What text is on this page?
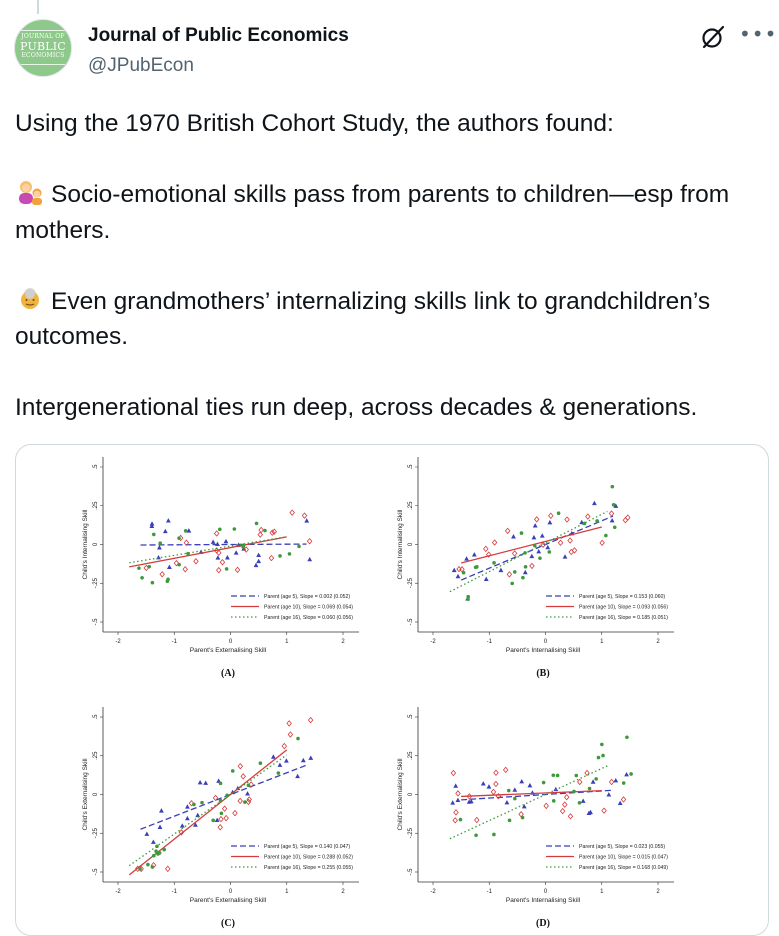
JOURNAL OF
PUBLIC
ECONOMICS
Journal of Public Economics
@JPubEcon
•••

Using the 1970 British Cohort Study, the authors found:

Socio-emotional skills pass from parents to children—esp from mothers.

Even grandmothers’ internalizing skills link to grandchildren’s outcomes.

Intergenerational ties run deep, across decades & generations.

-.5
-.25
0
.25
.5
-2	-1	0	1	2
Parent's Externalising Skill
Child's Internalising Skill
Parent (age 5), Slope = 0.002 (0.052)
Parent (age 10), Slope = 0.069 (0.054)
Parent (age 16), Slope = 0.060 (0.056)
(A)
-.5
-.25
0
.25
.5
-2	-1	0	1	2
Parent's Internalising Skill
Child's Internalising Skill
Parent (age 5), Slope = 0.153 (0.060)
Parent (age 10), Slope = 0.093 (0.056)
Parent (age 16), Slope = 0.185 (0.051)
(B)
-.5
-.25
0
.25
.5
-2	-1	0	1	2
Parent's Externalising Skill
Child's Externalising Skill
Parent (age 5), Slope = 0.140 (0.047)
Parent (age 10), Slope = 0.288 (0.052)
Parent (age 16), Slope = 0.255 (0.055)
(C)
-.5
-.25
0
.25
.5
-2	-1	0	1	2
Parent's Internalising Skill
Child's Externalising Skill
Parent (age 5), Slope = 0.023 (0.055)
Parent (age 10), Slope = 0.015 (0.047)
Parent (age 16), Slope = 0.168 (0.049)
(D)
